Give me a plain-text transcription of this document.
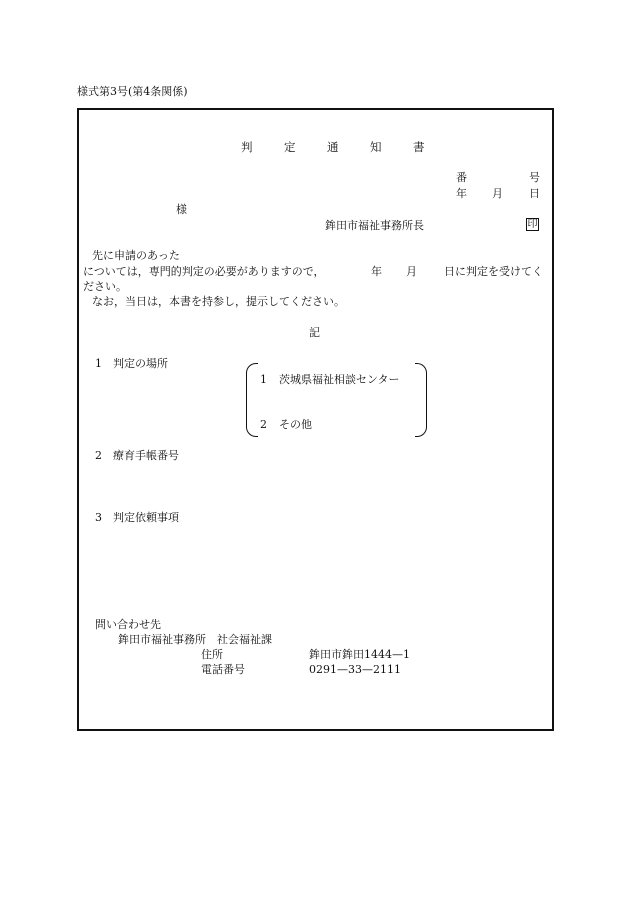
様式第3号(第4条関係)
判	定	通	知	書
番	号
年 月 日
様
鉾田市福祉事務所長	印
先に申請のあった
については，専門的判定の必要がありますので，	年 月 日に判定を受けてく
ださい。
なお，当日は，本書を持参し，提示してください。
記
1 判定の場所
1 茨城県福祉相談センター
2 その他
2 療育手帳番号
3 判定依頼事項
問い合わせ先
鉾田市福祉事務所　社会福祉課
住所	鉾田市鉾田1444—1
電話番号	0291—33—2111
